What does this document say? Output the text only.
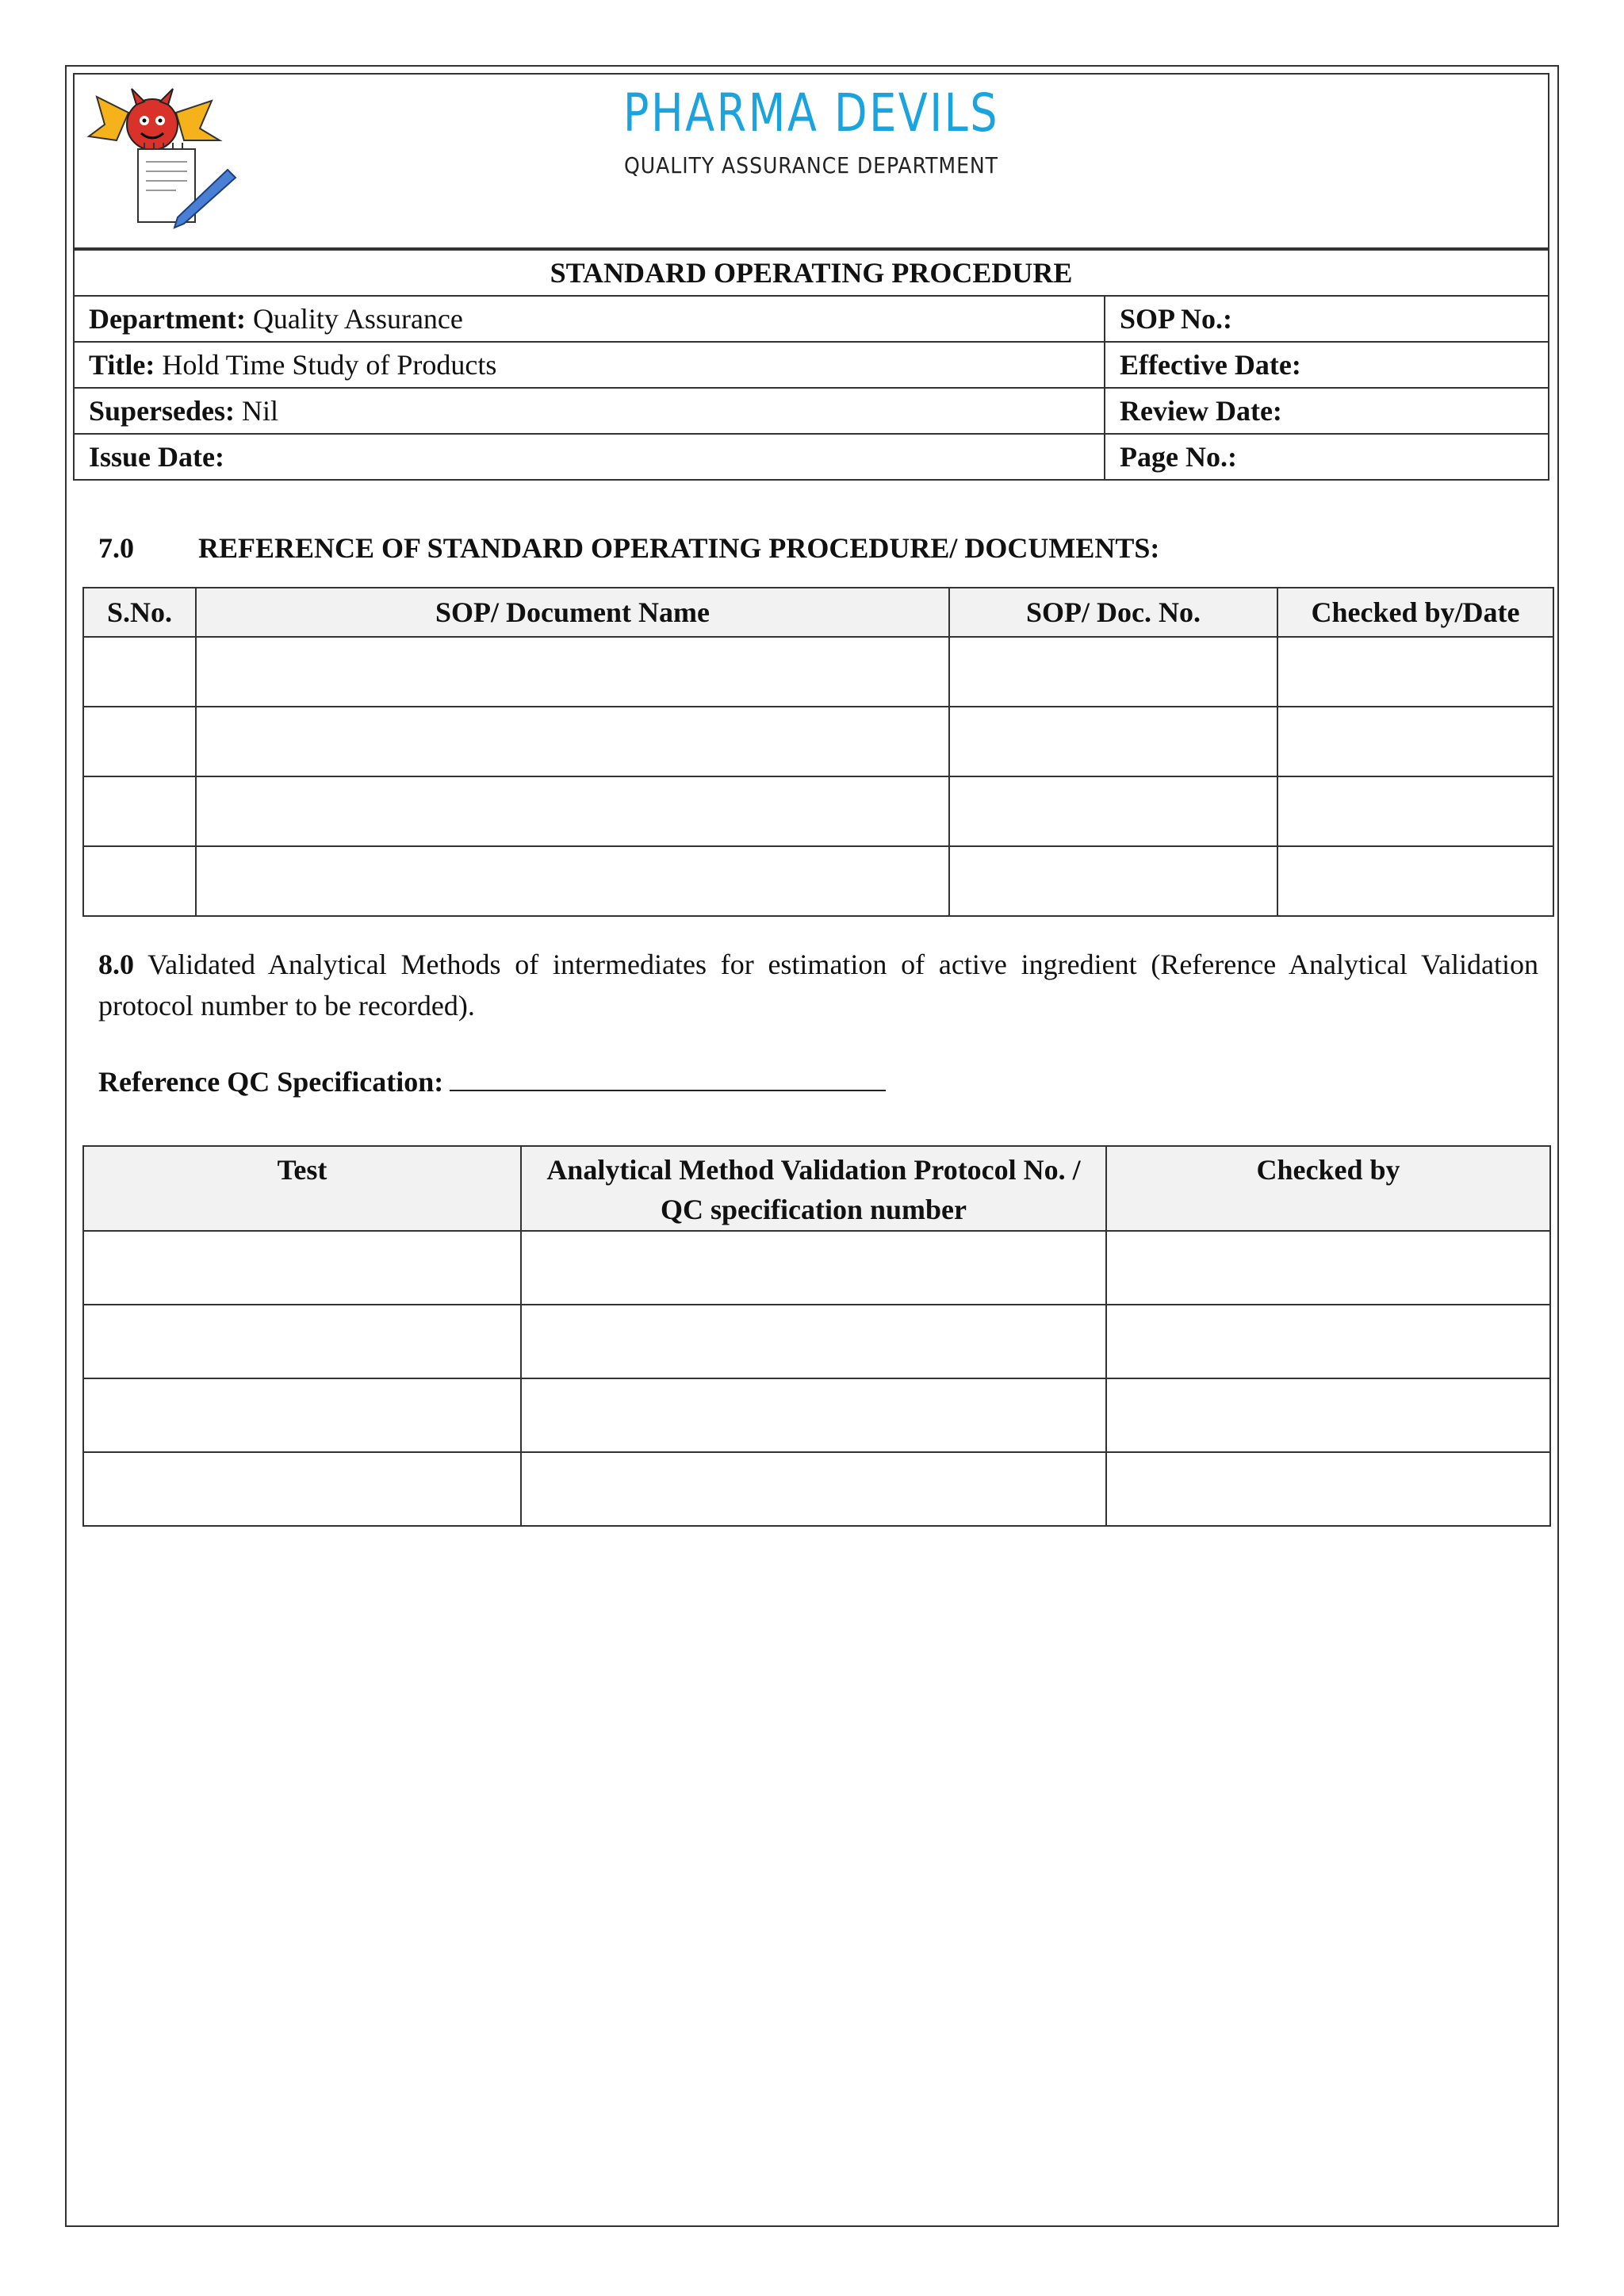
PHARMA DEVILS
QUALITY ASSURANCE DEPARTMENT
STANDARD OPERATING PROCEDURE	
Department: Quality Assurance	SOP No.:
Title: Hold Time Study of Products	Effective Date:
Supersedes: Nil	Review Date:
Issue Date:	Page No.:
7.0 REFERENCE OF STANDARD OPERATING PROCEDURE/ DOCUMENTS:
S.No.	SOP/ Document Name	SOP/ Doc. No.	Checked by/Date

8.0 Validated Analytical Methods of intermediates for estimation of active ingredient (Reference Analytical Validation protocol number to be recorded).
Reference QC Specification:
Test	Analytical Method Validation Protocol No. / QC specification number	Checked by
